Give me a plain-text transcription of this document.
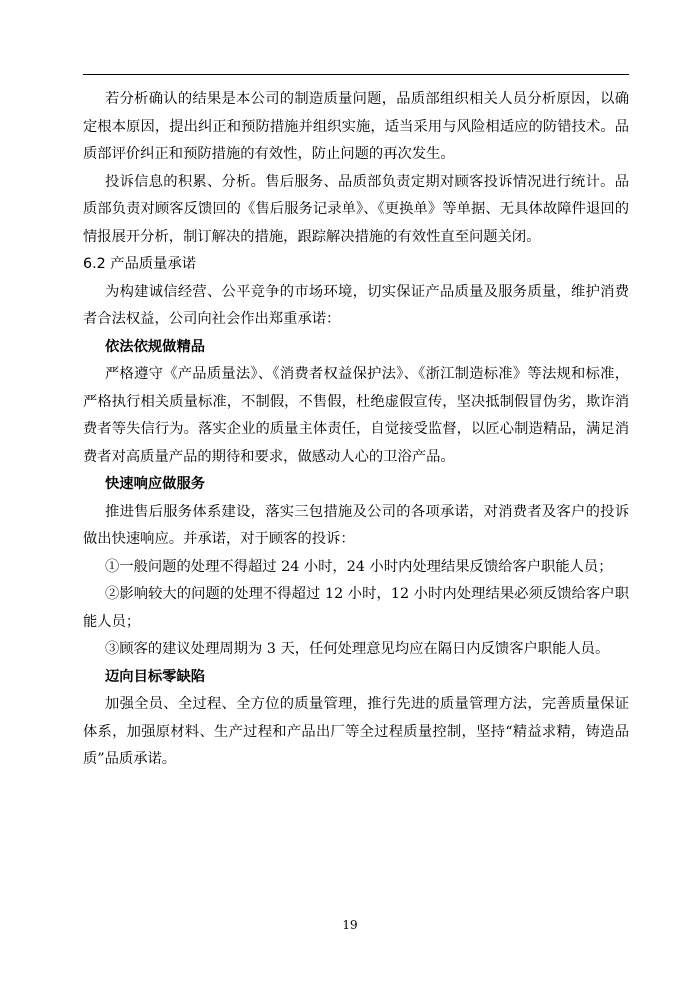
若分析确认的结果是本公司的制造质量问题，品质部组织相关人员分析原因，以确定根本原因，提出纠正和预防措施并组织实施，适当采用与风险相适应的防错技术。品质部评价纠正和预防措施的有效性，防止问题的再次发生。

投诉信息的积累、分析。售后服务、品质部负责定期对顾客投诉情况进行统计。品质部负责对顾客反馈回的《售后服务记录单》、《更换单》等单据、无具体故障件退回的情报展开分析，制订解决的措施，跟踪解决措施的有效性直至问题关闭。

6.2 产品质量承诺

为构建诚信经营、公平竞争的市场环境，切实保证产品质量及服务质量，维护消费者合法权益，公司向社会作出郑重承诺：

依法依规做精品

严格遵守《产品质量法》、《消费者权益保护法》、《浙江制造标准》等法规和标准，严格执行相关质量标准，不制假，不售假，杜绝虚假宣传，坚决抵制假冒伪劣，欺诈消费者等失信行为。落实企业的质量主体责任，自觉接受监督，以匠心制造精品，满足消费者对高质量产品的期待和要求，做感动人心的卫浴产品。

快速响应做服务

推进售后服务体系建设，落实三包措施及公司的各项承诺，对消费者及客户的投诉做出快速响应。并承诺，对于顾客的投诉：

①一般问题的处理不得超过 24 小时，24 小时内处理结果反馈给客户职能人员；

②影响较大的问题的处理不得超过 12 小时，12 小时内处理结果必须反馈给客户职能人员；

③顾客的建议处理周期为 3 天，任何处理意见均应在隔日内反馈客户职能人员。

迈向目标零缺陷

加强全员、全过程、全方位的质量管理，推行先进的质量管理方法，完善质量保证体系，加强原材料、生产过程和产品出厂等全过程质量控制，坚持“精益求精，铸造品质”品质承诺。

19
